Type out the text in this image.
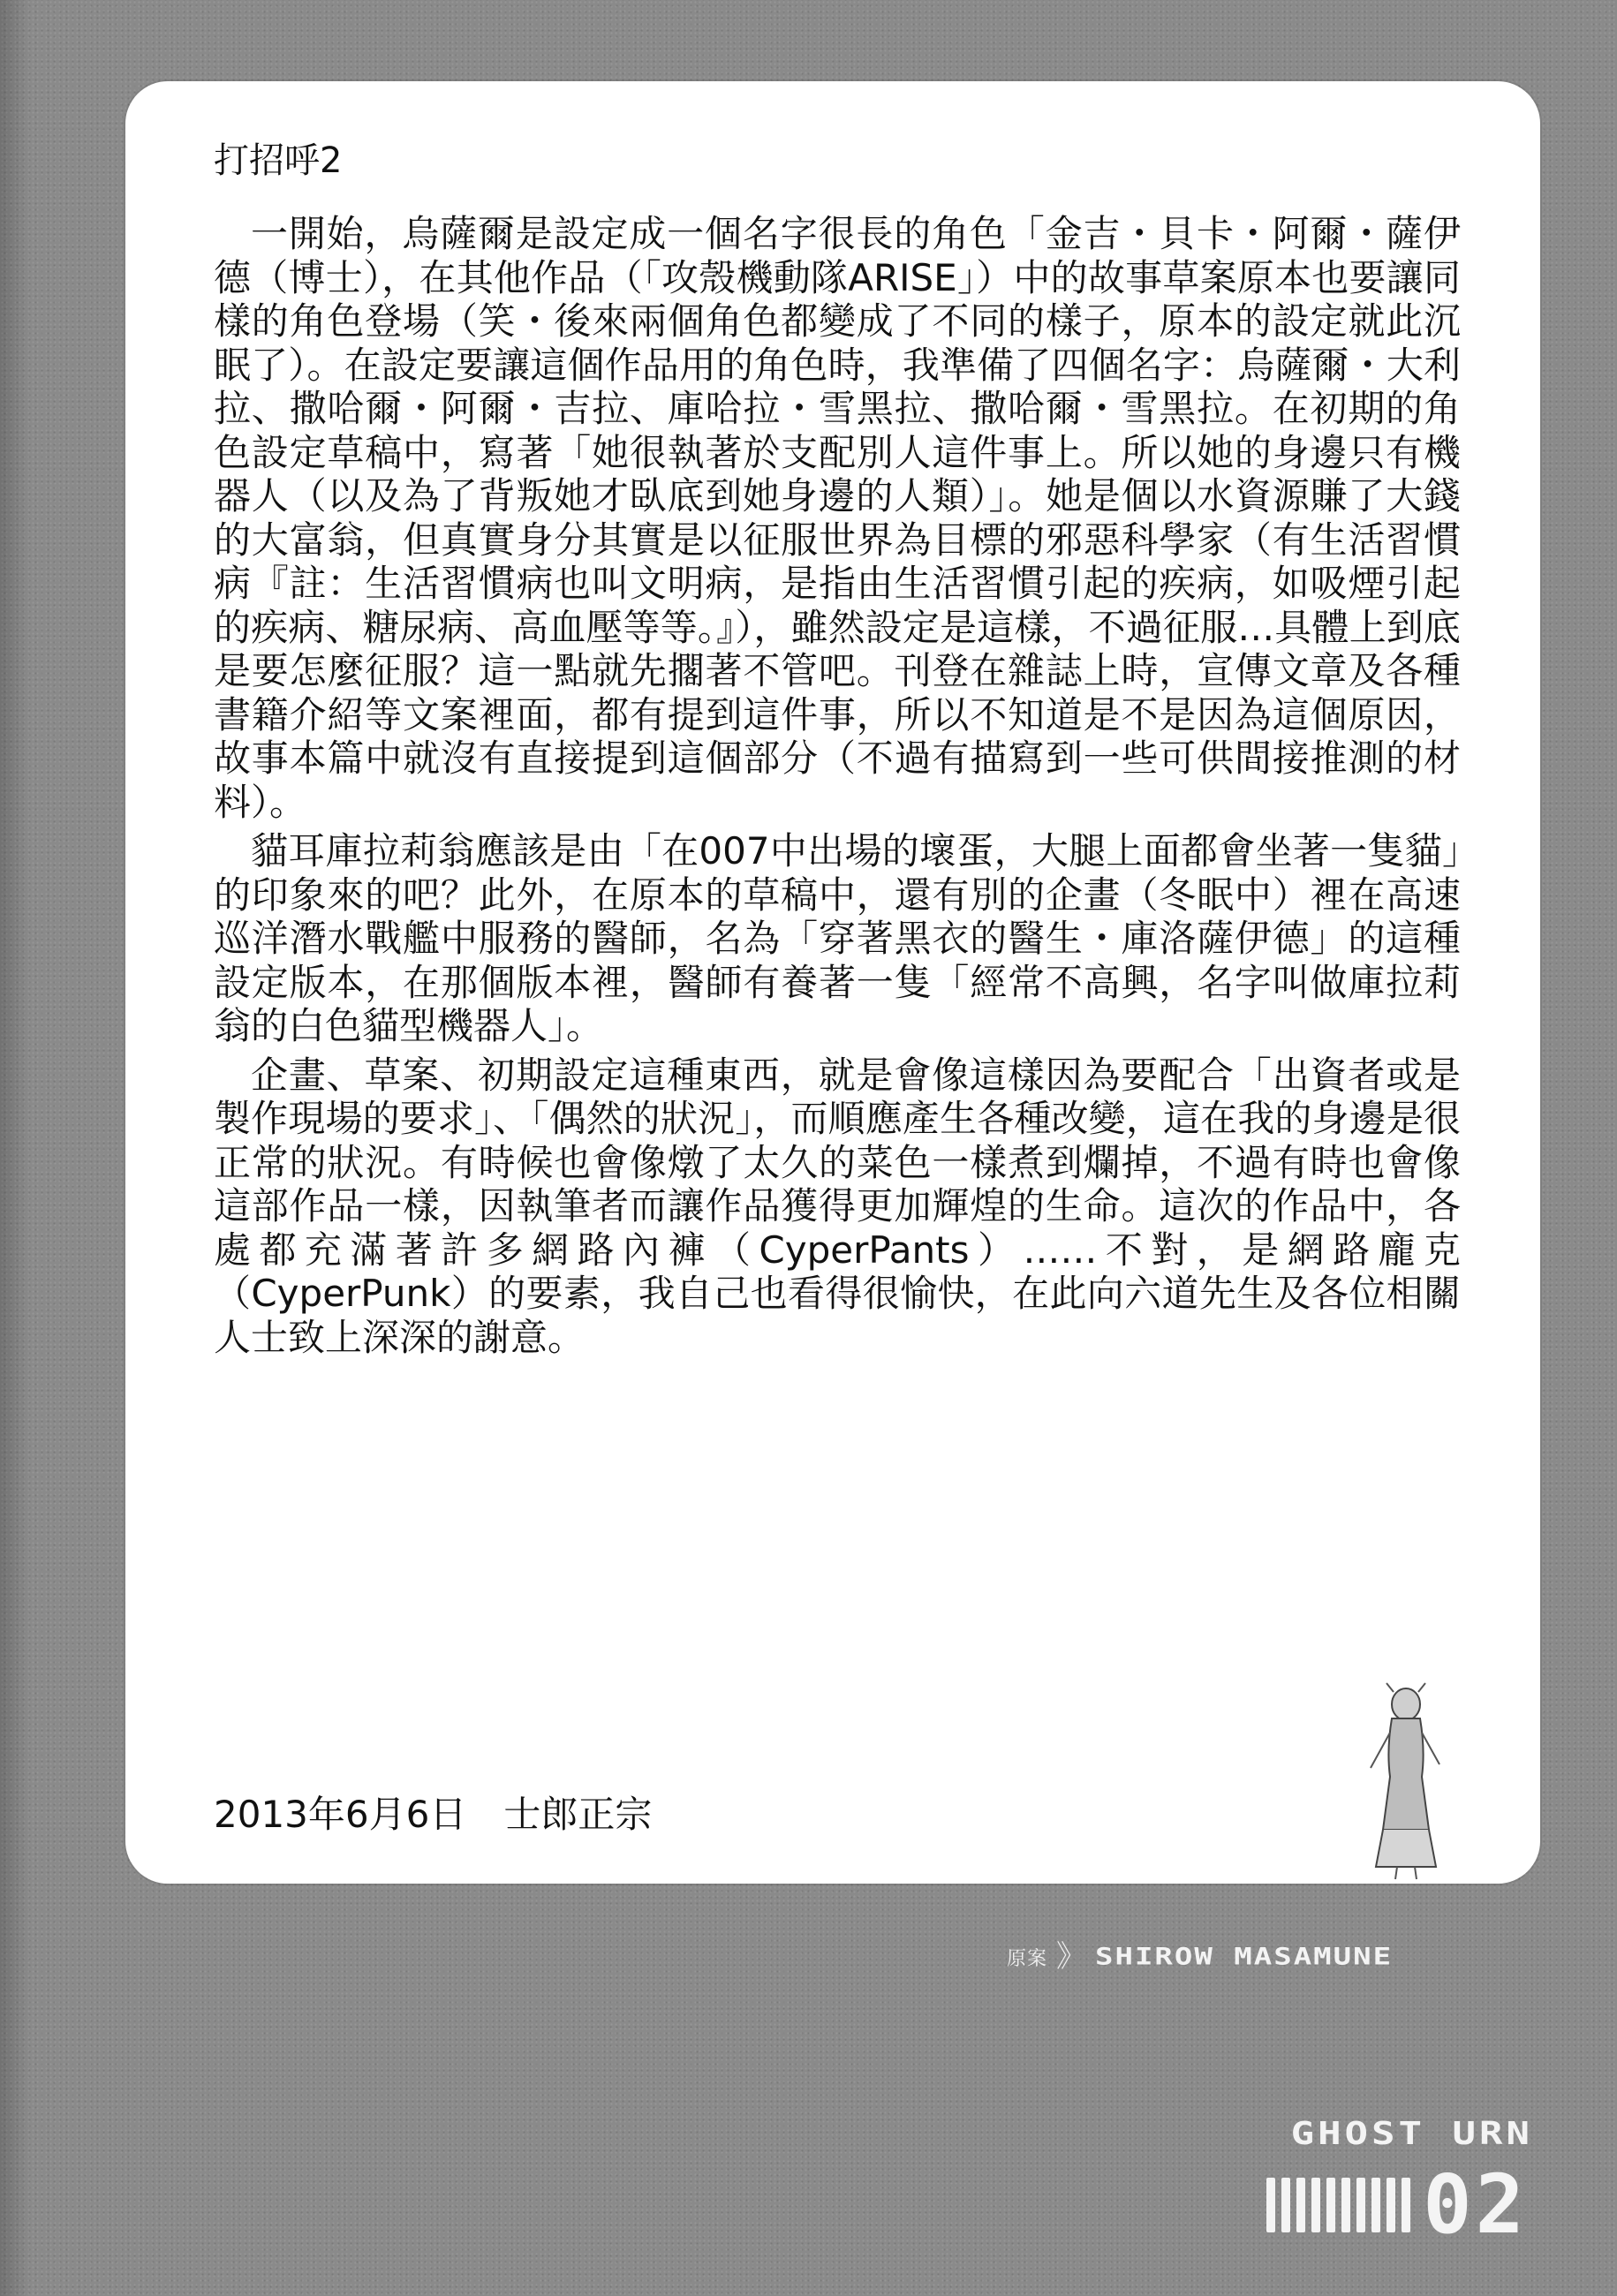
打招呼2

一開始，烏薩爾是設定成一個名字很長的角色「金吉・貝卡・阿爾・薩伊德（博士），在其他作品（「攻殼機動隊ARISE」）中的故事草案原本也要讓同樣的角色登場（笑・後來兩個角色都變成了不同的樣子，原本的設定就此沉眠了）。在設定要讓這個作品用的角色時，我準備了四個名字：烏薩爾・大利拉、撒哈爾・阿爾・吉拉、庫哈拉・雪黑拉、撒哈爾・雪黑拉。在初期的角色設定草稿中，寫著「她很執著於支配別人這件事上。所以她的身邊只有機器人（以及為了背叛她才臥底到她身邊的人類）」。她是個以水資源賺了大錢的大富翁，但真實身分其實是以征服世界為目標的邪惡科學家（有生活習慣病『註：生活習慣病也叫文明病，是指由生活習慣引起的疾病，如吸煙引起的疾病、糖尿病、高血壓等等。』），雖然設定是這樣，不過征服…具體上到底是要怎麼征服？這一點就先擱著不管吧。刊登在雜誌上時，宣傳文章及各種書籍介紹等文案裡面，都有提到這件事，所以不知道是不是因為這個原因，故事本篇中就沒有直接提到這個部分（不過有描寫到一些可供間接推測的材料）。

貓耳庫拉莉翁應該是由「在007中出場的壞蛋，大腿上面都會坐著一隻貓」的印象來的吧？此外，在原本的草稿中，還有別的企畫（冬眠中）裡在高速巡洋潛水戰艦中服務的醫師，名為「穿著黑衣的醫生・庫洛薩伊德」的這種設定版本，在那個版本裡，醫師有養著一隻「經常不高興，名字叫做庫拉莉翁的白色貓型機器人」。

企畫、草案、初期設定這種東西，就是會像這樣因為要配合「出資者或是製作現場的要求」、「偶然的狀況」，而順應產生各種改變，這在我的身邊是很正常的狀況。有時候也會像燉了太久的菜色一樣煮到爛掉，不過有時也會像這部作品一樣，因執筆者而讓作品獲得更加輝煌的生命。這次的作品中，各處都充滿著許多網路內褲（CyperPants）……不對，是網路龐克（CyperPunk）的要素，我自己也看得很愉快，在此向六道先生及各位相關人士致上深深的謝意。

2013年6月6日　士郎正宗
原案 》 SHIROW MASAMUNE
GHOST URN
02
